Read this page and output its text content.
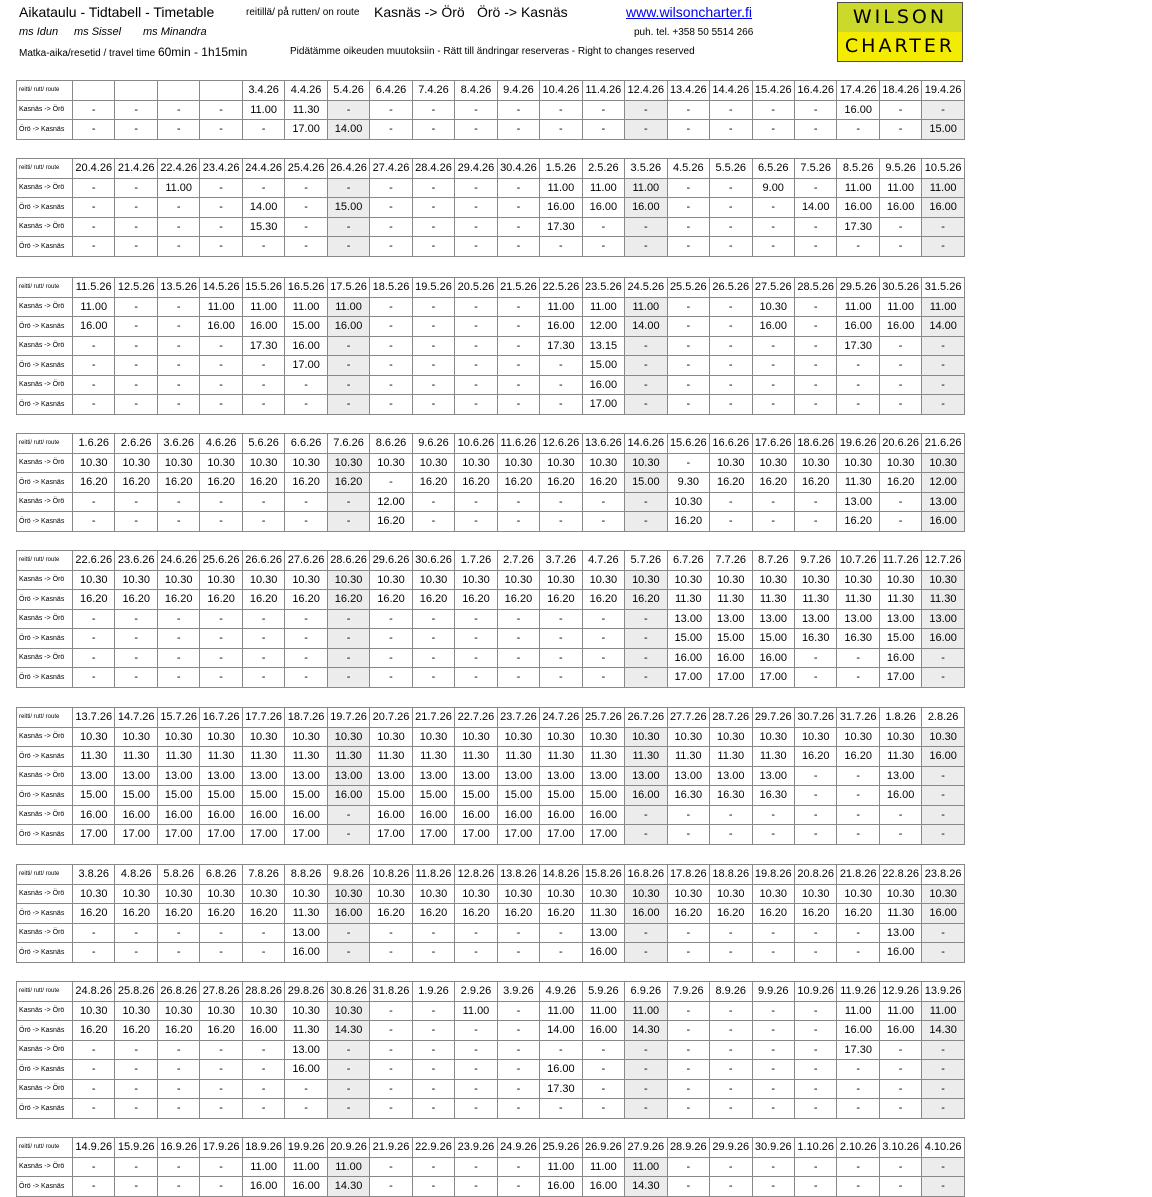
Aikataulu - Tidtabell - Timetable	reitillä/ på rutten/ on route Kasnäs -> Örö Örö -> Kasnäs	www.wilsoncharter.fi
ms Idun ms Sissel ms Minandra	puh. tel. +358 50 5514 266
Matka-aika/resetid / travel time 60min - 1h15min	Pidätämme oikeuden muutoksiin - Rätt till ändringar reserveras - Right to changes reserved
WILSON
CHARTER
reitti/ rutt/ route					3.4.26	4.4.26	5.4.26	6.4.26	7.4.26	8.4.26	9.4.26	10.4.26	11.4.26	12.4.26	13.4.26	14.4.26	15.4.26	16.4.26	17.4.26	18.4.26	19.4.26
Kasnäs -> Örö	-	-	-	-	11.00	11.30	-	-	-	-	-	-	-	-	-	-	-	-	16.00	-	-
Örö -> Kasnäs	-	-	-	-	-	17.00	14.00	-	-	-	-	-	-	-	-	-	-	-	-	-	15.00
reitti/ rutt/ route	20.4.26	21.4.26	22.4.26	23.4.26	24.4.26	25.4.26	26.4.26	27.4.26	28.4.26	29.4.26	30.4.26	1.5.26	2.5.26	3.5.26	4.5.26	5.5.26	6.5.26	7.5.26	8.5.26	9.5.26	10.5.26
Kasnäs -> Örö	-	-	11.00	-	-	-	-	-	-	-	-	11.00	11.00	11.00	-	-	9.00	-	11.00	11.00	11.00
Örö -> Kasnäs	-	-	-	-	14.00	-	15.00	-	-	-	-	16.00	16.00	16.00	-	-	-	14.00	16.00	16.00	16.00
Kasnäs -> Örö	-	-	-	-	15.30	-	-	-	-	-	-	17.30	-	-	-	-	-	-	17.30	-	-
Örö -> Kasnäs	-	-	-	-	-	-	-	-	-	-	-	-	-	-	-	-	-	-	-	-	-
reitti/ rutt/ route	11.5.26	12.5.26	13.5.26	14.5.26	15.5.26	16.5.26	17.5.26	18.5.26	19.5.26	20.5.26	21.5.26	22.5.26	23.5.26	24.5.26	25.5.26	26.5.26	27.5.26	28.5.26	29.5.26	30.5.26	31.5.26
Kasnäs -> Örö	11.00	-	-	11.00	11.00	11.00	11.00	-	-	-	-	11.00	11.00	11.00	-	-	10.30	-	11.00	11.00	11.00
Örö -> Kasnäs	16.00	-	-	16.00	16.00	15.00	16.00	-	-	-	-	16.00	12.00	14.00	-	-	16.00	-	16.00	16.00	14.00
Kasnäs -> Örö	-	-	-	-	17.30	16.00	-	-	-	-	-	17.30	13.15	-	-	-	-	-	17.30	-	-
Örö -> Kasnäs	-	-	-	-	-	17.00	-	-	-	-	-	-	15.00	-	-	-	-	-	-	-	-
Kasnäs -> Örö	-	-	-	-	-	-	-	-	-	-	-	-	16.00	-	-	-	-	-	-	-	-
Örö -> Kasnäs	-	-	-	-	-	-	-	-	-	-	-	-	17.00	-	-	-	-	-	-	-	-
reitti/ rutt/ route	1.6.26	2.6.26	3.6.26	4.6.26	5.6.26	6.6.26	7.6.26	8.6.26	9.6.26	10.6.26	11.6.26	12.6.26	13.6.26	14.6.26	15.6.26	16.6.26	17.6.26	18.6.26	19.6.26	20.6.26	21.6.26
Kasnäs -> Örö	10.30	10.30	10.30	10.30	10.30	10.30	10.30	10.30	10.30	10.30	10.30	10.30	10.30	10.30	-	10.30	10.30	10.30	10.30	10.30	10.30
Örö -> Kasnäs	16.20	16.20	16.20	16.20	16.20	16.20	16.20	-	16.20	16.20	16.20	16.20	16.20	15.00	9.30	16.20	16.20	16.20	11.30	16.20	12.00
Kasnäs -> Örö	-	-	-	-	-	-	-	12.00	-	-	-	-	-	-	10.30	-	-	-	13.00	-	13.00
Örö -> Kasnäs	-	-	-	-	-	-	-	16.20	-	-	-	-	-	-	16.20	-	-	-	16.20	-	16.00
reitti/ rutt/ route	22.6.26	23.6.26	24.6.26	25.6.26	26.6.26	27.6.26	28.6.26	29.6.26	30.6.26	1.7.26	2.7.26	3.7.26	4.7.26	5.7.26	6.7.26	7.7.26	8.7.26	9.7.26	10.7.26	11.7.26	12.7.26
Kasnäs -> Örö	10.30	10.30	10.30	10.30	10.30	10.30	10.30	10.30	10.30	10.30	10.30	10.30	10.30	10.30	10.30	10.30	10.30	10.30	10.30	10.30	10.30
Örö -> Kasnäs	16.20	16.20	16.20	16.20	16.20	16.20	16.20	16.20	16.20	16.20	16.20	16.20	16.20	16.20	11.30	11.30	11.30	11.30	11.30	11.30	11.30
Kasnäs -> Örö	-	-	-	-	-	-	-	-	-	-	-	-	-	-	13.00	13.00	13.00	13.00	13.00	13.00	13.00
Örö -> Kasnäs	-	-	-	-	-	-	-	-	-	-	-	-	-	-	15.00	15.00	15.00	16.30	16.30	15.00	16.00
Kasnäs -> Örö	-	-	-	-	-	-	-	-	-	-	-	-	-	-	16.00	16.00	16.00	-	-	16.00	-
Örö -> Kasnäs	-	-	-	-	-	-	-	-	-	-	-	-	-	-	17.00	17.00	17.00	-	-	17.00	-
reitti/ rutt/ route	13.7.26	14.7.26	15.7.26	16.7.26	17.7.26	18.7.26	19.7.26	20.7.26	21.7.26	22.7.26	23.7.26	24.7.26	25.7.26	26.7.26	27.7.26	28.7.26	29.7.26	30.7.26	31.7.26	1.8.26	2.8.26
Kasnäs -> Örö	10.30	10.30	10.30	10.30	10.30	10.30	10.30	10.30	10.30	10.30	10.30	10.30	10.30	10.30	10.30	10.30	10.30	10.30	10.30	10.30	10.30
Örö -> Kasnäs	11.30	11.30	11.30	11.30	11.30	11.30	11.30	11.30	11.30	11.30	11.30	11.30	11.30	11.30	11.30	11.30	11.30	16.20	16.20	11.30	16.00
Kasnäs -> Örö	13.00	13.00	13.00	13.00	13.00	13.00	13.00	13.00	13.00	13.00	13.00	13.00	13.00	13.00	13.00	13.00	13.00	-	-	13.00	-
Örö -> Kasnäs	15.00	15.00	15.00	15.00	15.00	15.00	16.00	15.00	15.00	15.00	15.00	15.00	15.00	16.00	16.30	16.30	16.30	-	-	16.00	-
Kasnäs -> Örö	16.00	16.00	16.00	16.00	16.00	16.00	-	16.00	16.00	16.00	16.00	16.00	16.00	-	-	-	-	-	-	-	-
Örö -> Kasnäs	17.00	17.00	17.00	17.00	17.00	17.00	-	17.00	17.00	17.00	17.00	17.00	17.00	-	-	-	-	-	-	-	-
reitti/ rutt/ route	3.8.26	4.8.26	5.8.26	6.8.26	7.8.26	8.8.26	9.8.26	10.8.26	11.8.26	12.8.26	13.8.26	14.8.26	15.8.26	16.8.26	17.8.26	18.8.26	19.8.26	20.8.26	21.8.26	22.8.26	23.8.26
Kasnäs -> Örö	10.30	10.30	10.30	10.30	10.30	10.30	10.30	10.30	10.30	10.30	10.30	10.30	10.30	10.30	10.30	10.30	10.30	10.30	10.30	10.30	10.30
Örö -> Kasnäs	16.20	16.20	16.20	16.20	16.20	11.30	16.00	16.20	16.20	16.20	16.20	16.20	11.30	16.00	16.20	16.20	16.20	16.20	16.20	11.30	16.00
Kasnäs -> Örö	-	-	-	-	-	13.00	-	-	-	-	-	-	13.00	-	-	-	-	-	-	13.00	-
Örö -> Kasnäs	-	-	-	-	-	16.00	-	-	-	-	-	-	16.00	-	-	-	-	-	-	16.00	-
reitti/ rutt/ route	24.8.26	25.8.26	26.8.26	27.8.26	28.8.26	29.8.26	30.8.26	31.8.26	1.9.26	2.9.26	3.9.26	4.9.26	5.9.26	6.9.26	7.9.26	8.9.26	9.9.26	10.9.26	11.9.26	12.9.26	13.9.26
Kasnäs -> Örö	10.30	10.30	10.30	10.30	10.30	10.30	10.30	-	-	11.00	-	11.00	11.00	11.00	-	-	-	-	11.00	11.00	11.00
Örö -> Kasnäs	16.20	16.20	16.20	16.20	16.00	11.30	14.30	-	-	-	-	14.00	16.00	14.30	-	-	-	-	16.00	16.00	14.30
Kasnäs -> Örö	-	-	-	-	-	13.00	-	-	-	-	-	-	-	-	-	-	-	-	17.30	-	-
Örö -> Kasnäs	-	-	-	-	-	16.00	-	-	-	-	-	16.00	-	-	-	-	-	-	-	-	-
Kasnäs -> Örö	-	-	-	-	-	-	-	-	-	-	-	17.30	-	-	-	-	-	-	-	-	-
Örö -> Kasnäs	-	-	-	-	-	-	-	-	-	-	-	-	-	-	-	-	-	-	-	-	-
reitti/ rutt/ route	14.9.26	15.9.26	16.9.26	17.9.26	18.9.26	19.9.26	20.9.26	21.9.26	22.9.26	23.9.26	24.9.26	25.9.26	26.9.26	27.9.26	28.9.26	29.9.26	30.9.26	1.10.26	2.10.26	3.10.26	4.10.26
Kasnäs -> Örö	-	-	-	-	11.00	11.00	11.00	-	-	-	-	11.00	11.00	11.00	-	-	-	-	-	-	-
Örö -> Kasnäs	-	-	-	-	16.00	16.00	14.30	-	-	-	-	16.00	16.00	14.30	-	-	-	-	-	-	-
